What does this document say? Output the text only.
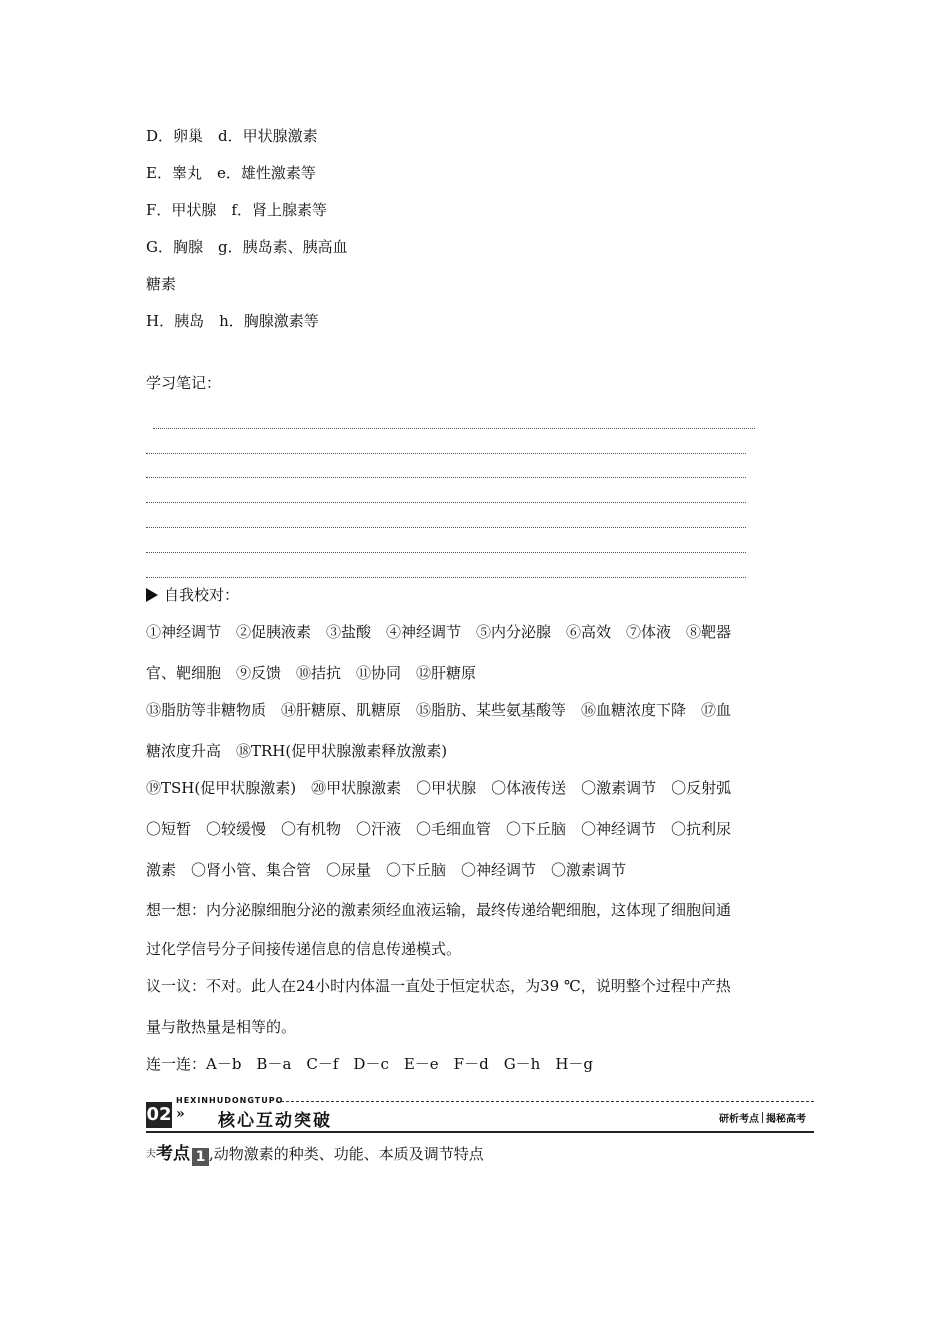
D．卵巢　d．甲状腺激素
E．睾丸　e．雄性激素等
F．甲状腺　f．肾上腺素等
G．胸腺　g．胰岛素、胰高血
糖素
H．胰岛　h．胸腺激素等
学习笔记：
自我校对：
①神经调节　②促胰液素　③盐酸　④神经调节　⑤内分泌腺　⑥高效　⑦体液　⑧靶器
官、靶细胞　⑨反馈　⑩拮抗　⑪协同　⑫肝糖原
⑬脂肪等非糖物质　⑭肝糖原、肌糖原　⑮脂肪、某些氨基酸等　⑯血糖浓度下降　⑰血
糖浓度升高　⑱TRH(促甲状腺激素释放激素)
⑲TSH(促甲状腺激素)　⑳甲状腺激素　〇甲状腺　〇体液传送　〇激素调节　〇反射弧
〇短暂　〇较缓慢　〇有机物　〇汗液　〇毛细血管　〇下丘脑　〇神经调节　〇抗利尿
激素　〇肾小管、集合管　〇尿量　〇下丘脑　〇神经调节　〇激素调节
想一想：内分泌腺细胞分泌的激素须经血液运输，最终传递给靶细胞，这体现了细胞间通
过化学信号分子间接传递信息的信息传递模式。
议一议：不对。此人在24小时内体温一直处于恒定状态，为39 ℃，说明整个过程中产热
量与散热量是相等的。
连一连：A－b　B－a　C－f　D－c　E－e　F－d　G－h　H－g
HEXINHUDONGTUPO
02 » 核心互动突破	研析考点 揭秘高考
夫考点 1 ,动物激素的种类、功能、本质及调节特点
